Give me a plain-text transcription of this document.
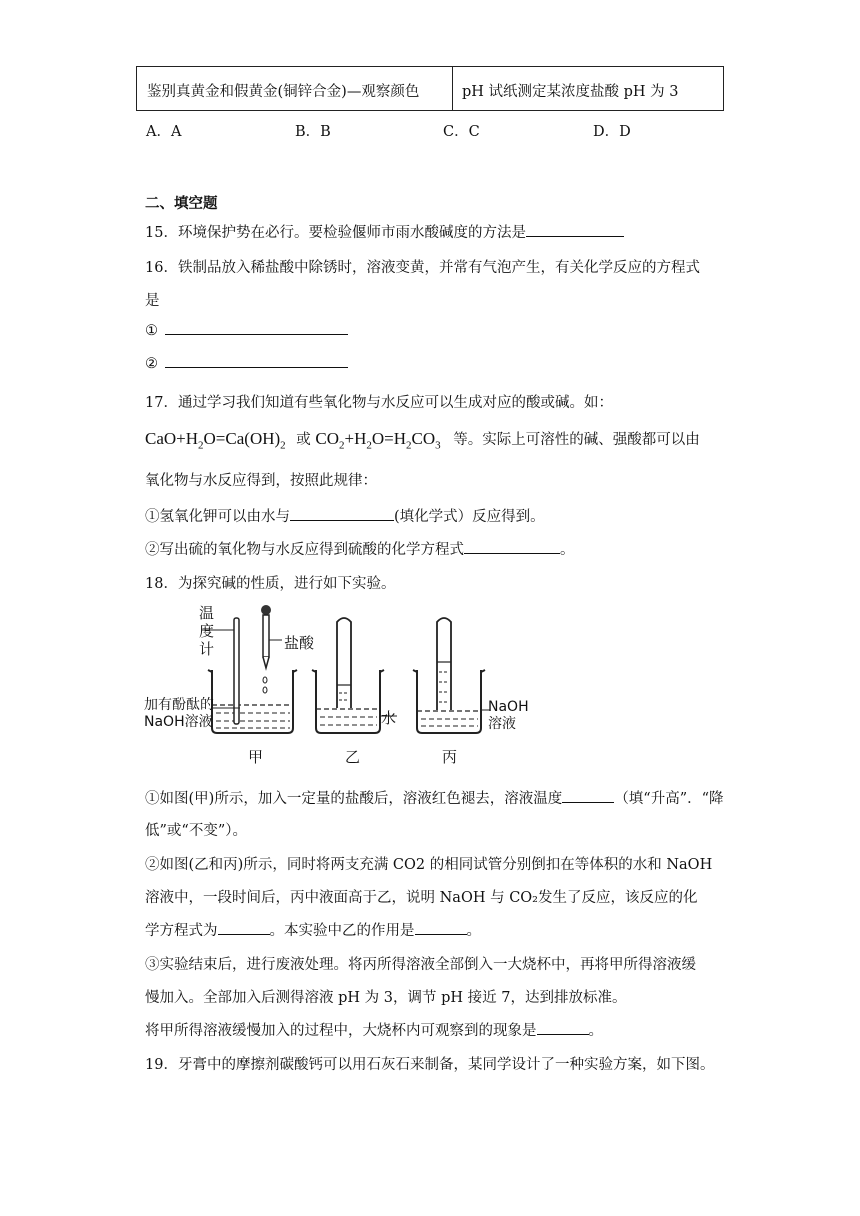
鉴别真黄金和假黄金(铜锌合金)—观察颜色	pH 试纸测定某浓度盐酸 pH 为 3
A．A	B．B	C．C	D．D
二、填空题
15．环境保护势在必行。要检验偃师市雨水酸碱度的方法是
16．铁制品放入稀盐酸中除锈时，溶液变黄，并常有气泡产生，有关化学反应的方程式
是
①
②
17．通过学习我们知道有些氧化物与水反应可以生成对应的酸或碱。如：
$CaO+H_2O=Ca(OH)_2$ 或 $CO_2+H_2O=H_2CO_3$ 等。实际上可溶性的碱、强酸都可以由
氧化物与水反应得到，按照此规律：
①氢氧化钾可以由水与	(填化学式）反应得到。
②写出硫的氧化物与水反应得到硫酸的化学方程式	。
18．为探究碱的性质，进行如下实验。
温
度
计	盐酸
加有酚酞的
NaOH溶液	水
NaOH
溶液
甲	乙	丙
①如图(甲)所示，加入一定量的盐酸后，溶液红色褪去，溶液温度	（填“升高”．“降
低”或“不变”）。
②如图(乙和丙)所示，同时将两支充满 CO2 的相同试管分别倒扣在等体积的水和 NaOH
溶液中，一段时间后，丙中液面高于乙，说明 NaOH 与 CO₂发生了反应，该反应的化
学方程式为	。本实验中乙的作用是	。
③实验结束后，进行废液处理。将丙所得溶液全部倒入一大烧杯中，再将甲所得溶液缓
慢加入。全部加入后测得溶液 pH 为 3，调节 pH 接近 7，达到排放标准。
将甲所得溶液缓慢加入的过程中，大烧杯内可观察到的现象是	。
19．牙膏中的摩擦剂碳酸钙可以用石灰石来制备，某同学设计了一种实验方案，如下图。
